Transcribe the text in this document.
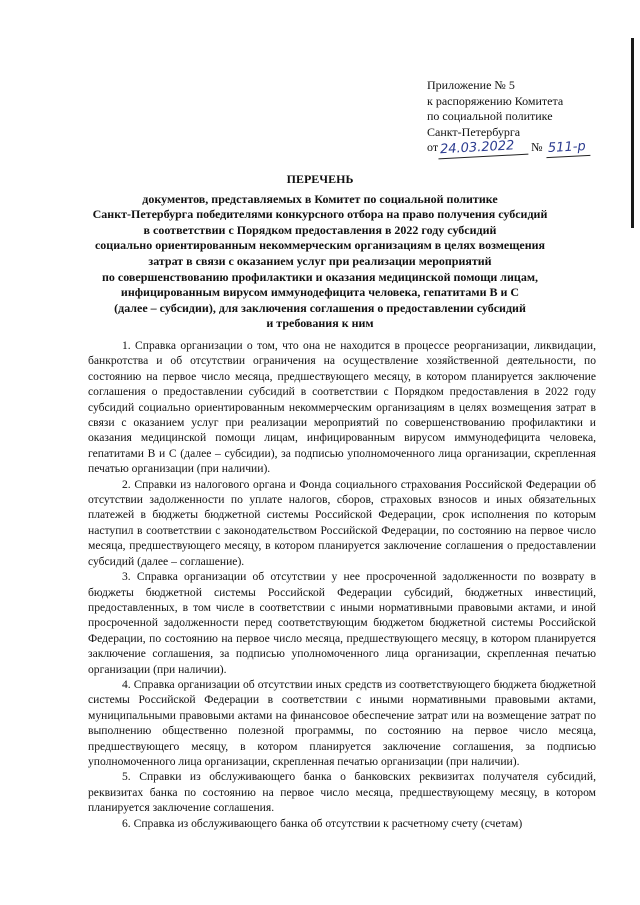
Приложение № 5
к распоряжению Комитета
по социальной политике
Санкт-Петербурга
от 24.03.2022 № 511-р
ПЕРЕЧЕНЬ
документов, представляемых в Комитет по социальной политике
Санкт-Петербурга победителями конкурсного отбора на право получения субсидий
в соответствии с Порядком предоставления в 2022 году субсидий
социально ориентированным некоммерческим организациям в целях возмещения
затрат в связи с оказанием услуг при реализации мероприятий
по совершенствованию профилактики и оказания медицинской помощи лицам,
инфицированным вирусом иммунодефицита человека, гепатитами В и С
(далее – субсидии), для заключения соглашения о предоставлении субсидий
и требования к ним

1. Справка организации о том, что она не находится в процессе реорганизации, ликвидации, банкротства и об отсутствии ограничения на осуществление хозяйственной деятельности, по состоянию на первое число месяца, предшествующего месяцу, в котором планируется заключение соглашения о предоставлении субсидий в соответствии с Порядком предоставления в 2022 году субсидий социально ориентированным некоммерческим организациям в целях возмещения затрат в связи с оказанием услуг при реализации мероприятий по совершенствованию профилактики и оказания медицинской помощи лицам, инфицированным вирусом иммунодефицита человека, гепатитами В и С (далее – субсидии), за подписью уполномоченного лица организации, скрепленная печатью организации (при наличии).

2. Справки из налогового органа и Фонда социального страхования Российской Федерации об отсутствии задолженности по уплате налогов, сборов, страховых взносов и иных обязательных платежей в бюджеты бюджетной системы Российской Федерации, срок исполнения по которым наступил в соответствии с законодательством Российской Федерации, по состоянию на первое число месяца, предшествующего месяцу, в котором планируется заключение соглашения о предоставлении субсидий (далее – соглашение).

3. Справка организации об отсутствии у нее просроченной задолженности по возврату в бюджеты бюджетной системы Российской Федерации субсидий, бюджетных инвестиций, предоставленных, в том числе в соответствии с иными нормативными правовыми актами, и иной просроченной задолженности перед соответствующим бюджетом бюджетной системы Российской Федерации, по состоянию на первое число месяца, предшествующего месяцу, в котором планируется заключение соглашения, за подписью уполномоченного лица организации, скрепленная печатью организации (при наличии).

4. Справка организации об отсутствии иных средств из соответствующего бюджета бюджетной системы Российской Федерации в соответствии с иными нормативными правовыми актами, муниципальными правовыми актами на финансовое обеспечение затрат или на возмещение затрат по выполнению общественно полезной программы, по состоянию на первое число месяца, предшествующего месяцу, в котором планируется заключение соглашения, за подписью уполномоченного лица организации, скрепленная печатью организации (при наличии).

5. Справки из обслуживающего банка о банковских реквизитах получателя субсидий, реквизитах банка по состоянию на первое число месяца, предшествующему месяцу, в котором планируется заключение соглашения.

6. Справка из обслуживающего банка об отсутствии к расчетному счету (счетам)
